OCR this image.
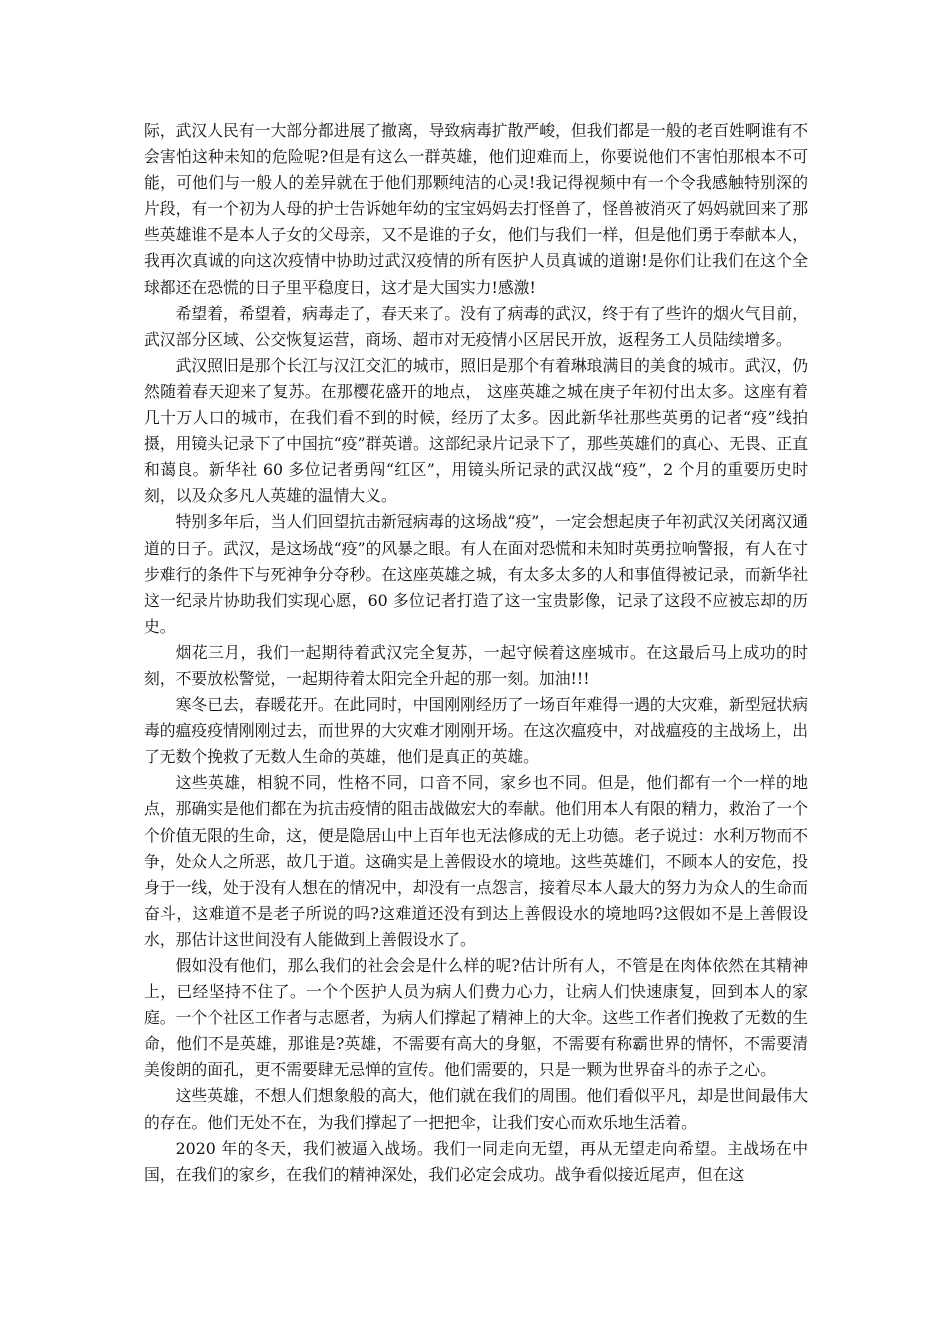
际，武汉人民有一大部分都进展了撤离，导致病毒扩散严峻，但我们都是一般的老百姓啊谁有不会害怕这种未知的危险呢?但是有这么一群英雄，他们迎难而上，你要说他们不害怕那根本不可能，可他们与一般人的差异就在于他们那颗纯洁的心灵!我记得视频中有一个令我感触特别深的片段，有一个初为人母的护士告诉她年幼的宝宝妈妈去打怪兽了，怪兽被消灭了妈妈就回来了那些英雄谁不是本人子女的父母亲，又不是谁的子女，他们与我们一样，但是他们勇于奉献本人，我再次真诚的向这次疫情中协助过武汉疫情的所有医护人员真诚的道谢!是你们让我们在这个全球都还在恐慌的日子里平稳度日，这才是大国实力!感激!

希望着，希望着，病毒走了，春天来了。没有了病毒的武汉，终于有了些许的烟火气目前，武汉部分区域、公交恢复运营，商场、超市对无疫情小区居民开放，返程务工人员陆续增多。

武汉照旧是那个长江与汉江交汇的城市，照旧是那个有着琳琅满目的美食的城市。武汉，仍然随着春天迎来了复苏。在那樱花盛开的地点， 这座英雄之城在庚子年初付出太多。这座有着几十万人口的城市，在我们看不到的时候，经历了太多。因此新华社那些英勇的记者“疫”线拍摄，用镜头记录下了中国抗“疫”群英谱。这部纪录片记录下了，那些英雄们的真心、无畏、正直和蔼良。新华社 60 多位记者勇闯“红区”，用镜头所记录的武汉战“疫”，2 个月的重要历史时刻，以及众多凡人英雄的温情大义。

特别多年后，当人们回望抗击新冠病毒的这场战“疫”，一定会想起庚子年初武汉关闭离汉通道的日子。武汉，是这场战“疫”的风暴之眼。有人在面对恐慌和未知时英勇拉响警报，有人在寸步难行的条件下与死神争分夺秒。在这座英雄之城，有太多太多的人和事值得被记录，而新华社这一纪录片协助我们实现心愿，60 多位记者打造了这一宝贵影像，记录了这段不应被忘却的历史。

烟花三月，我们一起期待着武汉完全复苏，一起守候着这座城市。在这最后马上成功的时刻，不要放松警觉，一起期待着太阳完全升起的那一刻。加油!!!

寒冬已去，春暖花开。在此同时，中国刚刚经历了一场百年难得一遇的大灾难，新型冠状病毒的瘟疫疫情刚刚过去，而世界的大灾难才刚刚开场。在这次瘟疫中，对战瘟疫的主战场上，出了无数个挽救了无数人生命的英雄，他们是真正的英雄。

这些英雄，相貌不同，性格不同，口音不同，家乡也不同。但是，他们都有一个一样的地点，那确实是他们都在为抗击疫情的阻击战做宏大的奉献。他们用本人有限的精力，救治了一个个价值无限的生命，这，便是隐居山中上百年也无法修成的无上功德。老子说过：水利万物而不争，处众人之所恶，故几于道。这确实是上善假设水的境地。这些英雄们，不顾本人的安危，投身于一线，处于没有人想在的情况中，却没有一点怨言，接着尽本人最大的努力为众人的生命而奋斗，这难道不是老子所说的吗?这难道还没有到达上善假设水的境地吗?这假如不是上善假设水，那估计这世间没有人能做到上善假设水了。

假如没有他们，那么我们的社会会是什么样的呢?估计所有人，不管是在肉体依然在其精神上，已经坚持不住了。一个个医护人员为病人们费力心力，让病人们快速康复，回到本人的家庭。一个个社区工作者与志愿者，为病人们撑起了精神上的大伞。这些工作者们挽救了无数的生命，他们不是英雄，那谁是?英雄，不需要有高大的身躯，不需要有称霸世界的情怀，不需要清美俊朗的面孔，更不需要肆无忌惮的宣传。他们需要的，只是一颗为世界奋斗的赤子之心。

这些英雄，不想人们想象般的高大，他们就在我们的周围。他们看似平凡，却是世间最伟大的存在。他们无处不在，为我们撑起了一把把伞，让我们安心而欢乐地生活着。

2020 年的冬天，我们被逼入战场。我们一同走向无望，再从无望走向希望。主战场在中国，在我们的家乡，在我们的精神深处，我们必定会成功。战争看似接近尾声，但在这
